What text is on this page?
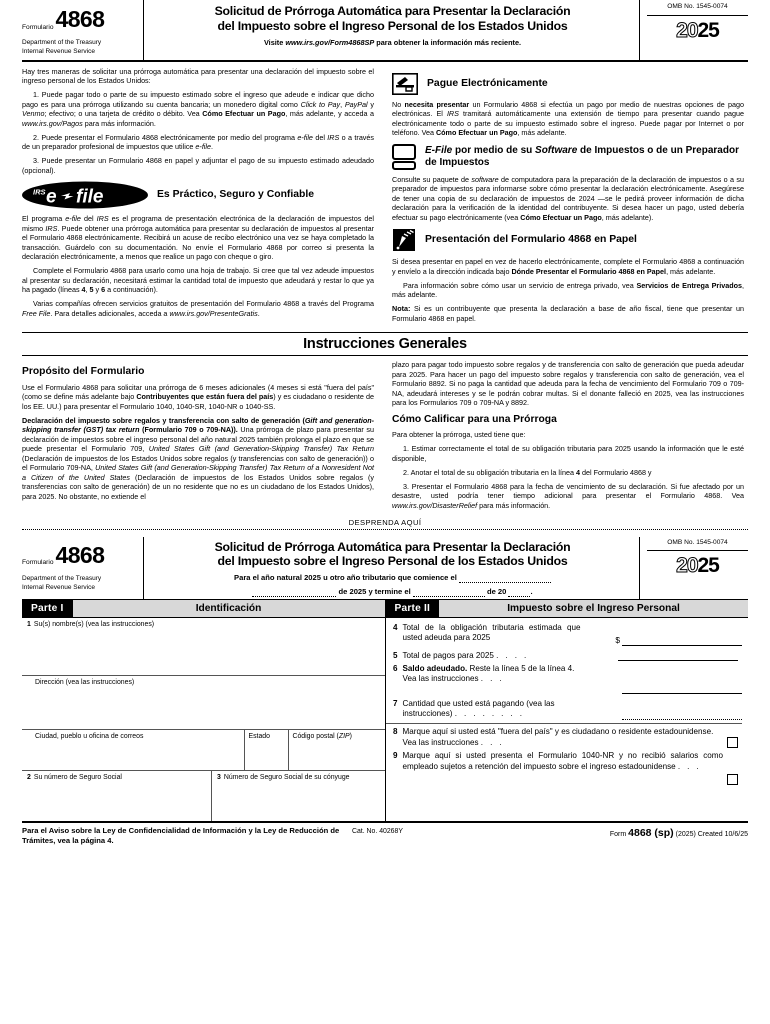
Formulario4868
Department of the Treasury
Internal Revenue Service
Solicitud de Prórroga Automática para Presentar la Declaración
del Impuesto sobre el Ingreso Personal de los Estados Unidos
Visite www.irs.gov/Form4868SP para obtener la información más reciente.
OMB No. 1545-0074
2025

Hay tres maneras de solicitar una prórroga automática para presentar una declaración del impuesto sobre el ingreso personal de los Estados Unidos:

1. Puede pagar todo o parte de su impuesto estimado sobre el ingreso que adeude e indicar que dicho pago es para una prórroga utilizando su cuenta bancaria; un monedero digital como Click to Pay, PayPal y Venmo; efectivo; o una tarjeta de crédito o débito. Vea Cómo Efectuar un Pago, más adelante, y acceda a www.irs.gov/Pagos para más información.

2. Puede presentar el Formulario 4868 electrónicamente por medio del programa e-file del IRS o a través de un preparador profesional de impuestos que utilice e-file.

3. Puede presentar un Formulario 4868 en papel y adjuntar el pago de su impuesto estimado adeudado (opcional).

IRS e file	Es Práctico, Seguro y Confiable

El programa e-file del IRS es el programa de presentación electrónica de la declaración de impuestos del mismo IRS. Puede obtener una prórroga automática para presentar su declaración de impuestos al presentar el Formulario 4868 electrónicamente. Recibirá un acuse de recibo electrónico una vez se haya completado la transacción. Guárdelo con su documentación. No envíe el Formulario 4868 por correo si presenta la declaración electrónicamente, a menos que realice un pago con cheque o giro.

Complete el Formulario 4868 para usarlo como una hoja de trabajo. Si cree que tal vez adeude impuestos al presentar su declaración, necesitará estimar la cantidad total de impuesto que adeudará y restar lo que ya ha pagado (líneas 4, 5 y 6 a continuación).

Varias compañías ofrecen servicios gratuitos de presentación del Formulario 4868 a través del Programa Free File. Para detalles adicionales, acceda a www.irs.gov/PresenteGratis.

Pague Electrónicamente

No necesita presentar un Formulario 4868 si efectúa un pago por medio de nuestras opciones de pago electrónicas. El IRS tramitará automáticamente una extensión de tiempo para presentar cuando pague electrónicamente todo o parte de su impuesto estimado sobre el ingreso. Puede pagar por Internet o por teléfono. Vea Cómo Efectuar un Pago, más adelante.

E-File por medio de su Software de Impuestos o de un Preparador de Impuestos

Consulte su paquete de software de computadora para la preparación de la declaración de impuestos o a su preparador de impuestos para informarse sobre cómo presentar la declaración electrónicamente. Asegúrese de tener una copia de su declaración de impuestos de 2024 —se le pedirá proveer información de dicha declaración para la verificación de la identidad del contribuyente. Si desea hacer un pago, usted debería efectuar su pago electrónicamente (vea Cómo Efectuar un Pago, más adelante).

Presentación del Formulario 4868 en Papel

Si desea presentar en papel en vez de hacerlo electrónicamente, complete el Formulario 4868 a continuación y envíelo a la dirección indicada bajo Dónde Presentar el Formulario 4868 en Papel, más adelante.

Para información sobre cómo usar un servicio de entrega privado, vea Servicios de Entrega Privados, más adelante.

Nota: Si es un contribuyente que presenta la declaración a base de año fiscal, tiene que presentar un Formulario 4868 en papel.

Instrucciones Generales
Propósito del Formulario

Use el Formulario 4868 para solicitar una prórroga de 6 meses adicionales (4 meses si está "fuera del país" (como se define más adelante bajo Contribuyentes que están fuera del país) y es ciudadano o residente de los EE. UU.) para presentar el Formulario 1040, 1040-SR, 1040-NR o 1040-SS.

Declaración del impuesto sobre regalos y transferencia con salto de generación (Gift and generation-skipping transfer (GST) tax return (Formulario 709 o 709-NA)). Una prórroga de plazo para presentar su declaración de impuestos sobre el ingreso personal del año natural 2025 también prolonga el plazo en que se puede presentar el Formulario 709, United States Gift (and Generation-Skipping Transfer) Tax Return (Declaración de impuestos de los Estados Unidos sobre regalos (y transferencias con salto de generación)) o el Formulario 709-NA, United States Gift (and Generation-Skipping Transfer) Tax Return of a Nonresident Not a Citizen of the United States (Declaración de impuestos de los Estados Unidos sobre regalos (y transferencias con salto de generación) de un no residente que no es un ciudadano de los Estados Unidos), para 2025. No obstante, no extiende el

plazo para pagar todo impuesto sobre regalos y de transferencia con salto de generación que pueda adeudar para 2025. Para hacer un pago del impuesto sobre regalos y transferencia con salto de generación, vea el Formulario 8892. Si no paga la cantidad que adeuda para la fecha de vencimiento del Formulario 709 o 709-NA, adeudará intereses y se le podrán cobrar multas. Si el donante falleció en 2025, vea las instrucciones para los Formularios 709 o 709-NA y 8892.

Cómo Calificar para una Prórroga

Para obtener la prórroga, usted tiene que:

1. Estimar correctamente el total de su obligación tributaria para 2025 usando la información que le esté disponible,

2. Anotar el total de su obligación tributaria en la línea 4 del Formulario 4868 y

3. Presentar el Formulario 4868 para la fecha de vencimiento de su declaración. Si fue afectado por un desastre, usted podría tener tiempo adicional para presentar el Formulario 4868. Vea www.irs.gov/DisasterRelief para más información.

DESPRENDA AQUÍ
Formulario4868
Department of the Treasury
Internal Revenue Service
Solicitud de Prórroga Automática para Presentar la Declaración
del Impuesto sobre el Ingreso Personal de los Estados Unidos
Para el año natural 2025 u otro año tributario que comience el
de 2025 y termine el	de 20	.
OMB No. 1545-0074
2025
Parte I	Identificación
1 Su(s) nombre(s) (vea las instrucciones)
Dirección (vea las instrucciones)
Ciudad, pueblo u oficina de correos	Estado	Código postal (ZIP)
2 Su número de Seguro Social	3 Número de Seguro Social de su cónyuge
Parte II	Impuesto sobre el Ingreso Personal
4 Total de la obligación tributaria estimada que usted adeuda para 2025	$
5 Total de pagos para 2025 . . . .
6 Saldo adeudado. Reste la línea 5 de la línea 4. Vea las instrucciones . . .
7 Cantidad que usted está pagando (vea las instrucciones) . . . . . . . .
8 Marque aquí si usted está "fuera del país" y es ciudadano o residente estadounidense. Vea las instrucciones . . .
9 Marque aquí si usted presenta el Formulario 1040-NR y no recibió salarios como empleado sujetos a retención del impuesto sobre el ingreso estadounidense . . .
Para el Aviso sobre la Ley de Confidencialidad de Información y la Ley de Reducción de Trámites, vea la página 4.
Cat. No. 40268Y	Form 4868 (sp) (2025) Created 10/6/25
